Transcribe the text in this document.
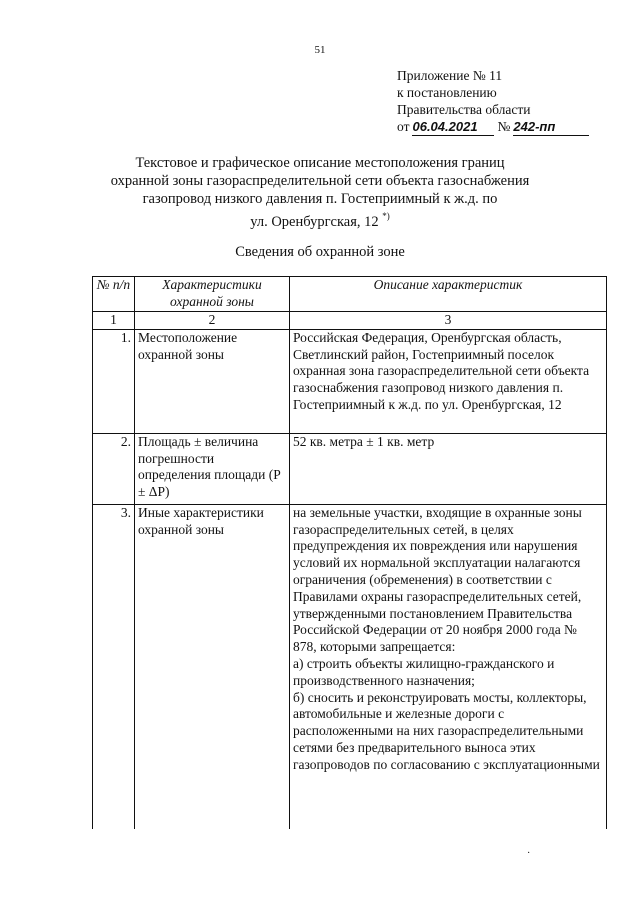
51
Приложение № 11
к постановлению
Правительства области
от 06.04.2021	№ 242-пп
Текстовое и графическое описание местоположения границ
охранной зоны газораспределительной сети объекта газоснабжения
газопровод низкого давления п. Гостеприимный к ж.д. по
ул. Оренбургская, 12 *)
Сведения об охранной зоне
№ п/п	Характеристики охранной зоны	Описание характеристик
1	2	3
1.	Местоположение охранной зоны	Российская Федерация, Оренбургская область, Светлинский район, Гостеприимный поселок охранная зона газораспределительной сети объекта газоснабжения газопровод низкого давления п. Гостеприимный к ж.д. по ул. Оренбургская, 12
2.	Площадь ± величина погрешности определения площади (P ± ΔP)	52 кв. метра ± 1 кв. метр
3.	Иные характеристики охранной зоны	на земельные участки, входящие в охранные зоны газораспределительных сетей, в целях предупреждения их повреждения или нарушения условий их нормальной эксплуатации налагаются ограничения (обременения) в соответствии с Правилами охраны газораспределительных сетей, утвержденными постановлением Правительства Российской Федерации от 20 ноября 2000 года № 878, которыми запрещается:
а) строить объекты жилищно-гражданского и производственного назначения;
б) сносить и реконструировать мосты, коллекторы, автомобильные и железные дороги с расположенными на них газораспределительными сетями без предварительного выноса этих газопроводов по согласованию с эксплуатационными
·
